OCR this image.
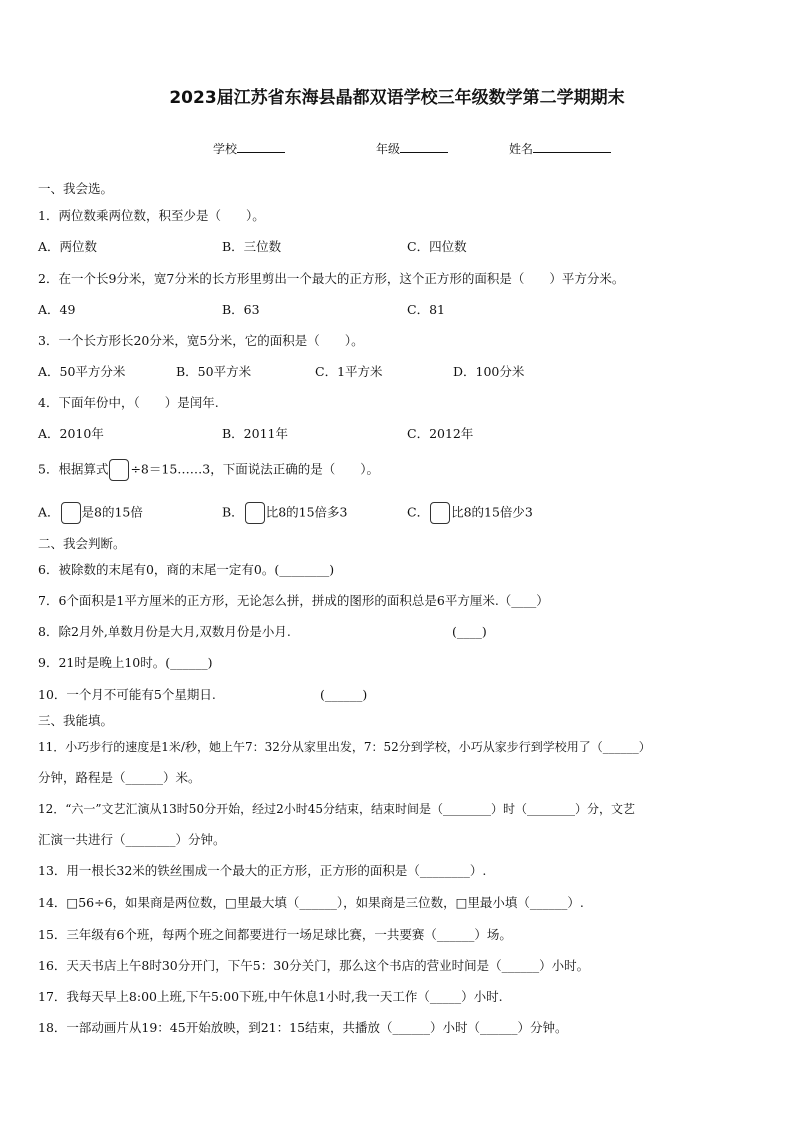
2023届江苏省东海县晶都双语学校三年级数学第二学期期末
学校	年级	姓名
一、我会选。
1．两位数乘两位数，积至少是（　　）。
A．两位数	B．三位数	C．四位数
2．在一个长9分米，宽7分米的长方形里剪出一个最大的正方形，这个正方形的面积是（　　）平方分米。
A．49	B．63	C．81
3．一个长方形长20分米，宽5分米，它的面积是（　　）。
A．50平方分米	B．50平方米	C．1平方米	D．100分米
4．下面年份中，（　　）是闰年.
A．2010年	B．2011年	C．2012年
5．根据算式 ÷8＝15……3，下面说法正确的是（　　）。
A． 是8的15倍	B． 比8的15倍多3	C． 比8的15倍少3
二、我会判断。
6．被除数的末尾有0，商的末尾一定有0。(________)
7．6个面积是1平方厘米的正方形，无论怎么拼，拼成的图形的面积总是6平方厘米.（____）
8．除2月外,单数月份是大月,双数月份是小月.	(____)
9．21时是晚上10时。(______)
10．一个月不可能有5个星期日.	(______)
三、我能填。
11．小巧步行的速度是1米/秒，她上午7：32分从家里出发，7：52分到学校，小巧从家步行到学校用了（______）
分钟，路程是（______）米。
12．“六一”文艺汇演从13时50分开始，经过2小时45分结束，结束时间是（________）时（________）分，文艺
汇演一共进行（________）分钟。
13．用一根长32米的铁丝围成一个最大的正方形，正方形的面积是（________）.
14．□56÷6，如果商是两位数，□里最大填（______），如果商是三位数，□里最小填（______）.
15．三年级有6个班，每两个班之间都要进行一场足球比赛，一共要赛（______）场。
16．天天书店上午8时30分开门，下午5：30分关门，那么这个书店的营业时间是（______）小时。
17．我每天早上8:00上班,下午5:00下班,中午休息1小时,我一天工作（_____）小时.
18．一部动画片从19：45开始放映，到21：15结束，共播放（______）小时（______）分钟。
